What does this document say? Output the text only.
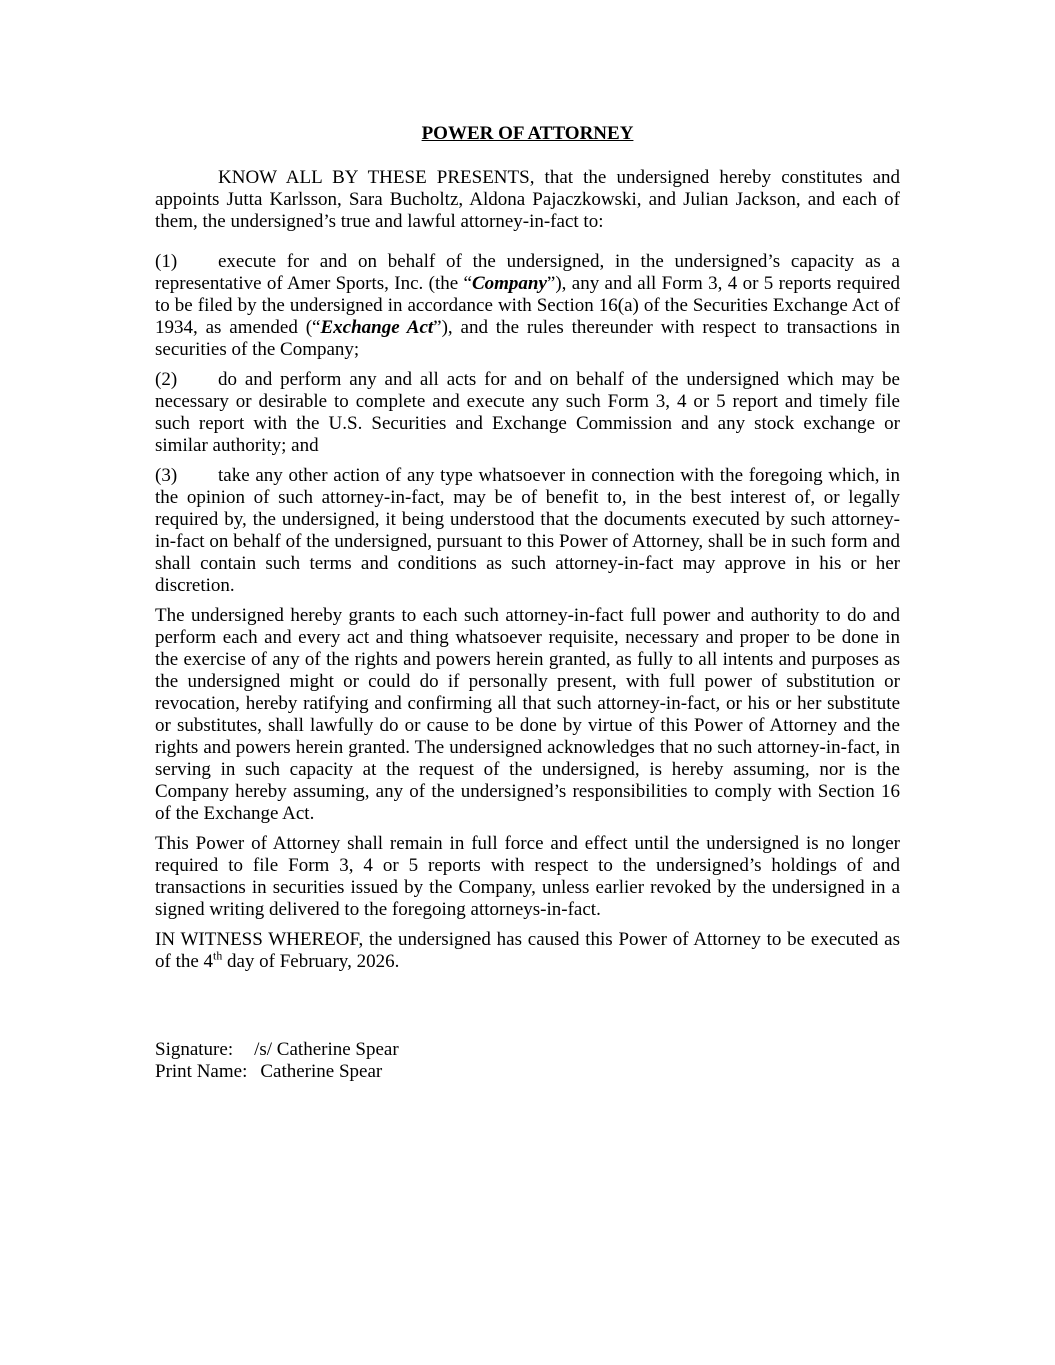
POWER OF ATTORNEY

KNOW ALL BY THESE PRESENTS, that the undersigned hereby constitutes and appoints Jutta Karlsson, Sara Bucholtz, Aldona Pajaczkowski, and Julian Jackson, and each of them, the undersigned’s true and lawful attorney-in-fact to:

(1) execute for and on behalf of the undersigned, in the undersigned’s capacity as a representative of Amer Sports, Inc. (the “Company”), any and all Form 3, 4 or 5 reports required to be filed by the undersigned in accordance with Section 16(a) of the Securities Exchange Act of 1934, as amended (“Exchange Act”), and the rules thereunder with respect to transactions in securities of the Company;

(2) do and perform any and all acts for and on behalf of the undersigned which may be necessary or desirable to complete and execute any such Form 3, 4 or 5 report and timely file such report with the U.S. Securities and Exchange Commission and any stock exchange or similar authority; and

(3) take any other action of any type whatsoever in connection with the foregoing which, in the opinion of such attorney-in-fact, may be of benefit to, in the best interest of, or legally required by, the undersigned, it being understood that the documents executed by such attorney-in-fact on behalf of the undersigned, pursuant to this Power of Attorney, shall be in such form and shall contain such terms and conditions as such attorney-in-fact may approve in his or her discretion.

The undersigned hereby grants to each such attorney-in-fact full power and authority to do and perform each and every act and thing whatsoever requisite, necessary and proper to be done in the exercise of any of the rights and powers herein granted, as fully to all intents and purposes as the undersigned might or could do if personally present, with full power of substitution or revocation, hereby ratifying and confirming all that such attorney-in-fact, or his or her substitute or substitutes, shall lawfully do or cause to be done by virtue of this Power of Attorney and the rights and powers herein granted. The undersigned acknowledges that no such attorney-in-fact, in serving in such capacity at the request of the undersigned, is hereby assuming, nor is the Company hereby assuming, any of the undersigned’s responsibilities to comply with Section 16 of the Exchange Act.

This Power of Attorney shall remain in full force and effect until the undersigned is no longer required to file Form 3, 4 or 5 reports with respect to the undersigned’s holdings of and transactions in securities issued by the Company, unless earlier revoked by the undersigned in a signed writing delivered to the foregoing attorneys-in-fact.

IN WITNESS WHEREOF, the undersigned has caused this Power of Attorney to be executed as of the 4th day of February, 2026.

Signature: /s/ Catherine Spear
Print Name: Catherine Spear
